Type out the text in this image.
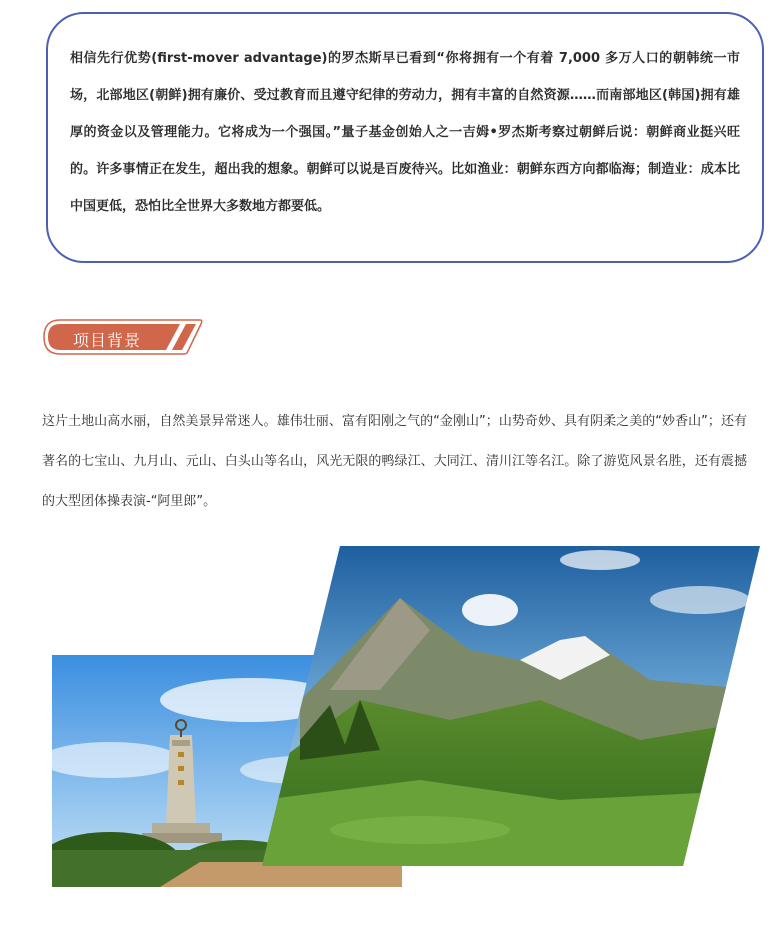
相信先行优势(first-mover advantage)的罗杰斯早已看到“你将拥有一个有着 7,000 多万人口的朝韩统一市场，北部地区(朝鲜)拥有廉价、受过教育而且遵守纪律的劳动力，拥有丰富的自然资源……而南部地区(韩国)拥有雄厚的资金以及管理能力。它将成为一个强国。”量子基金创始人之一吉姆•罗杰斯考察过朝鲜后说：朝鲜商业挺兴旺的。许多事情正在发生，超出我的想象。朝鲜可以说是百废待兴。比如渔业：朝鲜东西方向都临海；制造业：成本比中国更低，恐怕比全世界大多数地方都要低。

项目背景

这片土地山高水丽，自然美景异常迷人。雄伟壮丽、富有阳刚之气的“金刚山”；山势奇妙、具有阴柔之美的“妙香山”；还有著名的七宝山、九月山、元山、白头山等名山，风光无限的鸭绿江、大同江、清川江等名江。除了游览风景名胜，还有震撼的大型团体操表演-“阿里郎”。
